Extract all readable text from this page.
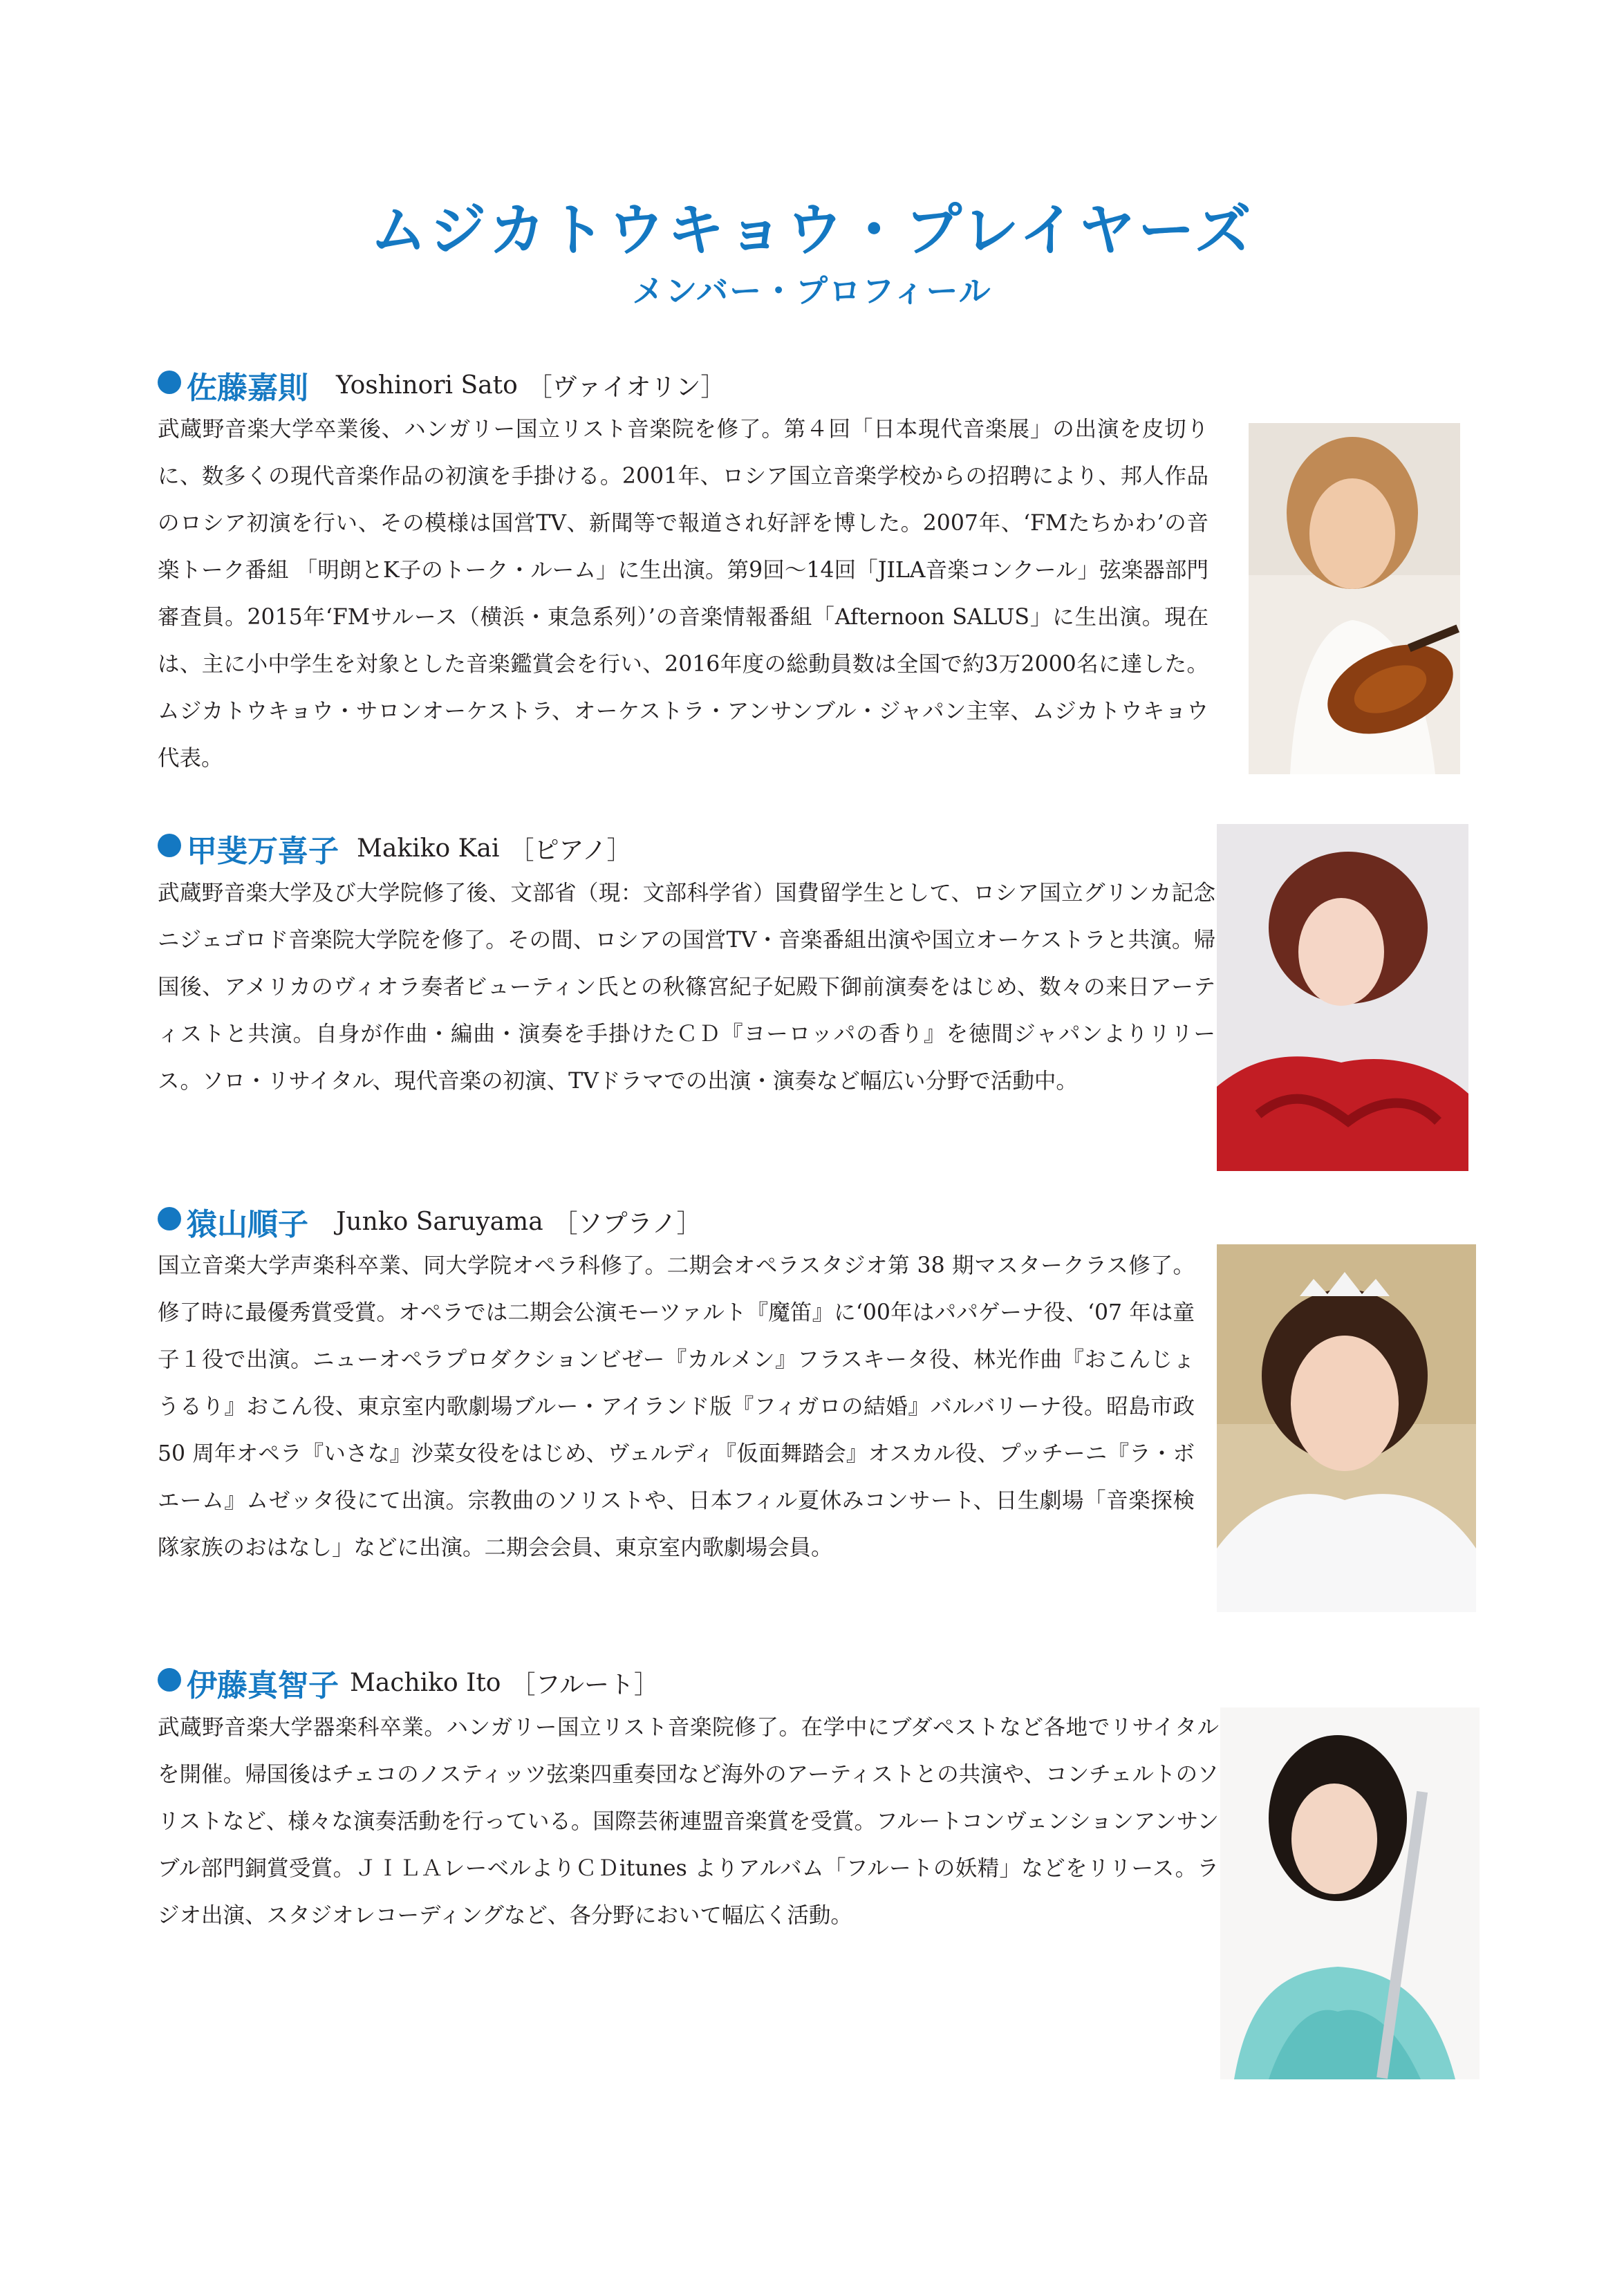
ムジカトウキョウ・プレイヤーズ
メンバー・プロフィール
佐藤嘉則 Yoshinori Sato ［ヴァイオリン］

武蔵野音楽大学卒業後、ハンガリー国立リスト音楽院を修了。第４回「日本現代音楽展」の出演を皮切りに、数多くの現代音楽作品の初演を手掛ける。2001年、ロシア国立音楽学校からの招聘により、邦人作品のロシア初演を行い、その模様は国営TV、新聞等で報道され好評を博した。2007年、‘FMたちかわ’の音楽トーク番組 「明朗とK子のトーク・ルーム」に生出演。第9回〜14回「JILA音楽コンクール」弦楽器部門審査員。2015年‘FMサルース（横浜・東急系列）’の音楽情報番組「Afternoon SALUS」に生出演。現在は、主に小中学生を対象とした音楽鑑賞会を行い、2016年度の総動員数は全国で約3万2000名に達した。ムジカトウキョウ・サロンオーケストラ、オーケストラ・アンサンブル・ジャパン主宰、ムジカトウキョウ代表。

甲斐万喜子 Makiko Kai ［ピアノ］

武蔵野音楽大学及び大学院修了後、文部省（現：文部科学省）国費留学生として、ロシア国立グリンカ記念ニジェゴロド音楽院大学院を修了。その間、ロシアの国営TV・音楽番組出演や国立オーケストラと共演。帰国後、アメリカのヴィオラ奏者ビューティン氏との秋篠宮紀子妃殿下御前演奏をはじめ、数々の来日アーティストと共演。自身が作曲・編曲・演奏を手掛けたＣＤ『ヨーロッパの香り』を徳間ジャパンよりリリース。ソロ・リサイタル、現代音楽の初演、TVドラマでの出演・演奏など幅広い分野で活動中。

猿山順子 Junko Saruyama ［ソプラノ］

国立音楽大学声楽科卒業、同大学院オペラ科修了。二期会オペラスタジオ第 38 期マスタークラス修了。修了時に最優秀賞受賞。オペラでは二期会公演モーツァルト『魔笛』に‘00年はパパゲーナ役、‘07 年は童子１役で出演。ニューオペラプロダクションビゼー『カルメン』フラスキータ役、林光作曲『おこんじょうるり』おこん役、東京室内歌劇場ブルー・アイランド版『フィガロの結婚』バルバリーナ役。昭島市政 50 周年オペラ『いさな』沙菜女役をはじめ、ヴェルディ『仮面舞踏会』オスカル役、プッチーニ『ラ・ボエーム』ムゼッタ役にて出演。宗教曲のソリストや、日本フィル夏休みコンサート、日生劇場「音楽探検隊家族のおはなし」などに出演。二期会会員、東京室内歌劇場会員。

伊藤真智子 Machiko Ito ［フルート］

武蔵野音楽大学器楽科卒業。ハンガリー国立リスト音楽院修了。在学中にブダペストなど各地でリサイタルを開催。帰国後はチェコのノスティッツ弦楽四重奏団など海外のアーティストとの共演や、コンチェルトのソリストなど、様々な演奏活動を行っている。国際芸術連盟音楽賞を受賞。フルートコンヴェンションアンサンブル部門銅賞受賞。ＪＩＬＡレーベルよりＣＤitunes よりアルバム「フルートの妖精」などをリリース。ラジオ出演、スタジオレコーディングなど、各分野において幅広く活動。
